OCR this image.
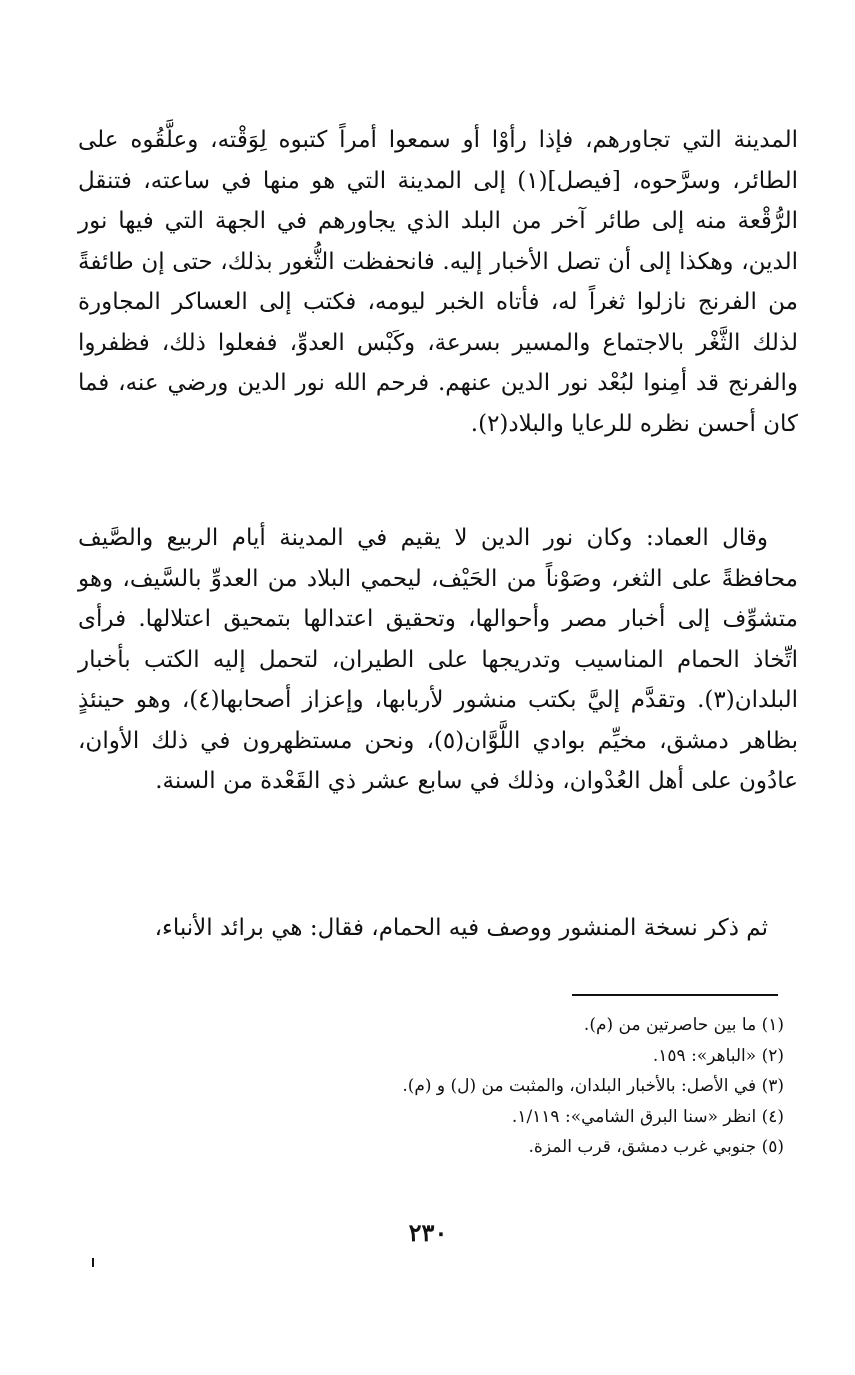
المدينة التي تجاورهم، فإذا رأوْا أو سمعوا أمراً كتبوه لِوَقْته، وعلَّقُوه على الطائر، وسرَّحوه، [فيصل](١) إلى المدينة التي هو منها في ساعته، فتنقل الرُّقْعة منه إلى طائر آخر من البلد الذي يجاورهم في الجهة التي فيها نور الدين، وهكذا إلى أن تصل الأخبار إليه. فانحفظت الثُّغور بذلك، حتى إن طائفةً من الفرنج نازلوا ثغراً له، فأتاه الخبر ليومه، فكتب إلى العساكر المجاورة لذلك الثَّغْر بالاجتماع والمسير بسرعة، وكَبْس العدوِّ، ففعلوا ذلك، فظفروا والفرنج قد أمِنوا لبُعْد نور الدين عنهم. فرحم الله نور الدين ورضي عنه، فما كان أحسن نظره للرعايا والبلاد(٢).

وقال العماد: وكان نور الدين لا يقيم في المدينة أيام الربيع والصَّيف محافظةً على الثغر، وصَوْناً من الحَيْف، ليحمي البلاد من العدوِّ بالسَّيف، وهو متشوِّف إلى أخبار مصر وأحوالها، وتحقيق اعتدالها بتمحيق اعتلالها. فرأى اتِّخاذ الحمام المناسيب وتدريجها على الطيران، لتحمل إليه الكتب بأخبار البلدان(٣). وتقدَّم إليَّ بكتب منشور لأربابها، وإعزاز أصحابها(٤)، وهو حينئذٍ بظاهر دمشق، مخيِّم بوادي اللَّوَّان(٥)، ونحن مستظهرون في ذلك الأوان، عادُون على أهل العُدْوان، وذلك في سابع عشر ذي القَعْدة من السنة.

ثم ذكر نسخة المنشور ووصف فيه الحمام، فقال: هي برائد الأنباء،

(١) ما بين حاصرتين من (م).
(٢) «الباهر»: ١٥٩.
(٣) في الأصل: بالأخبار البلدان، والمثبت من (ل) و (م).
(٤) انظر «سنا البرق الشامي»: ١/١١٩.
(٥) جنوبي غرب دمشق، قرب المزة.
٢٣٠
